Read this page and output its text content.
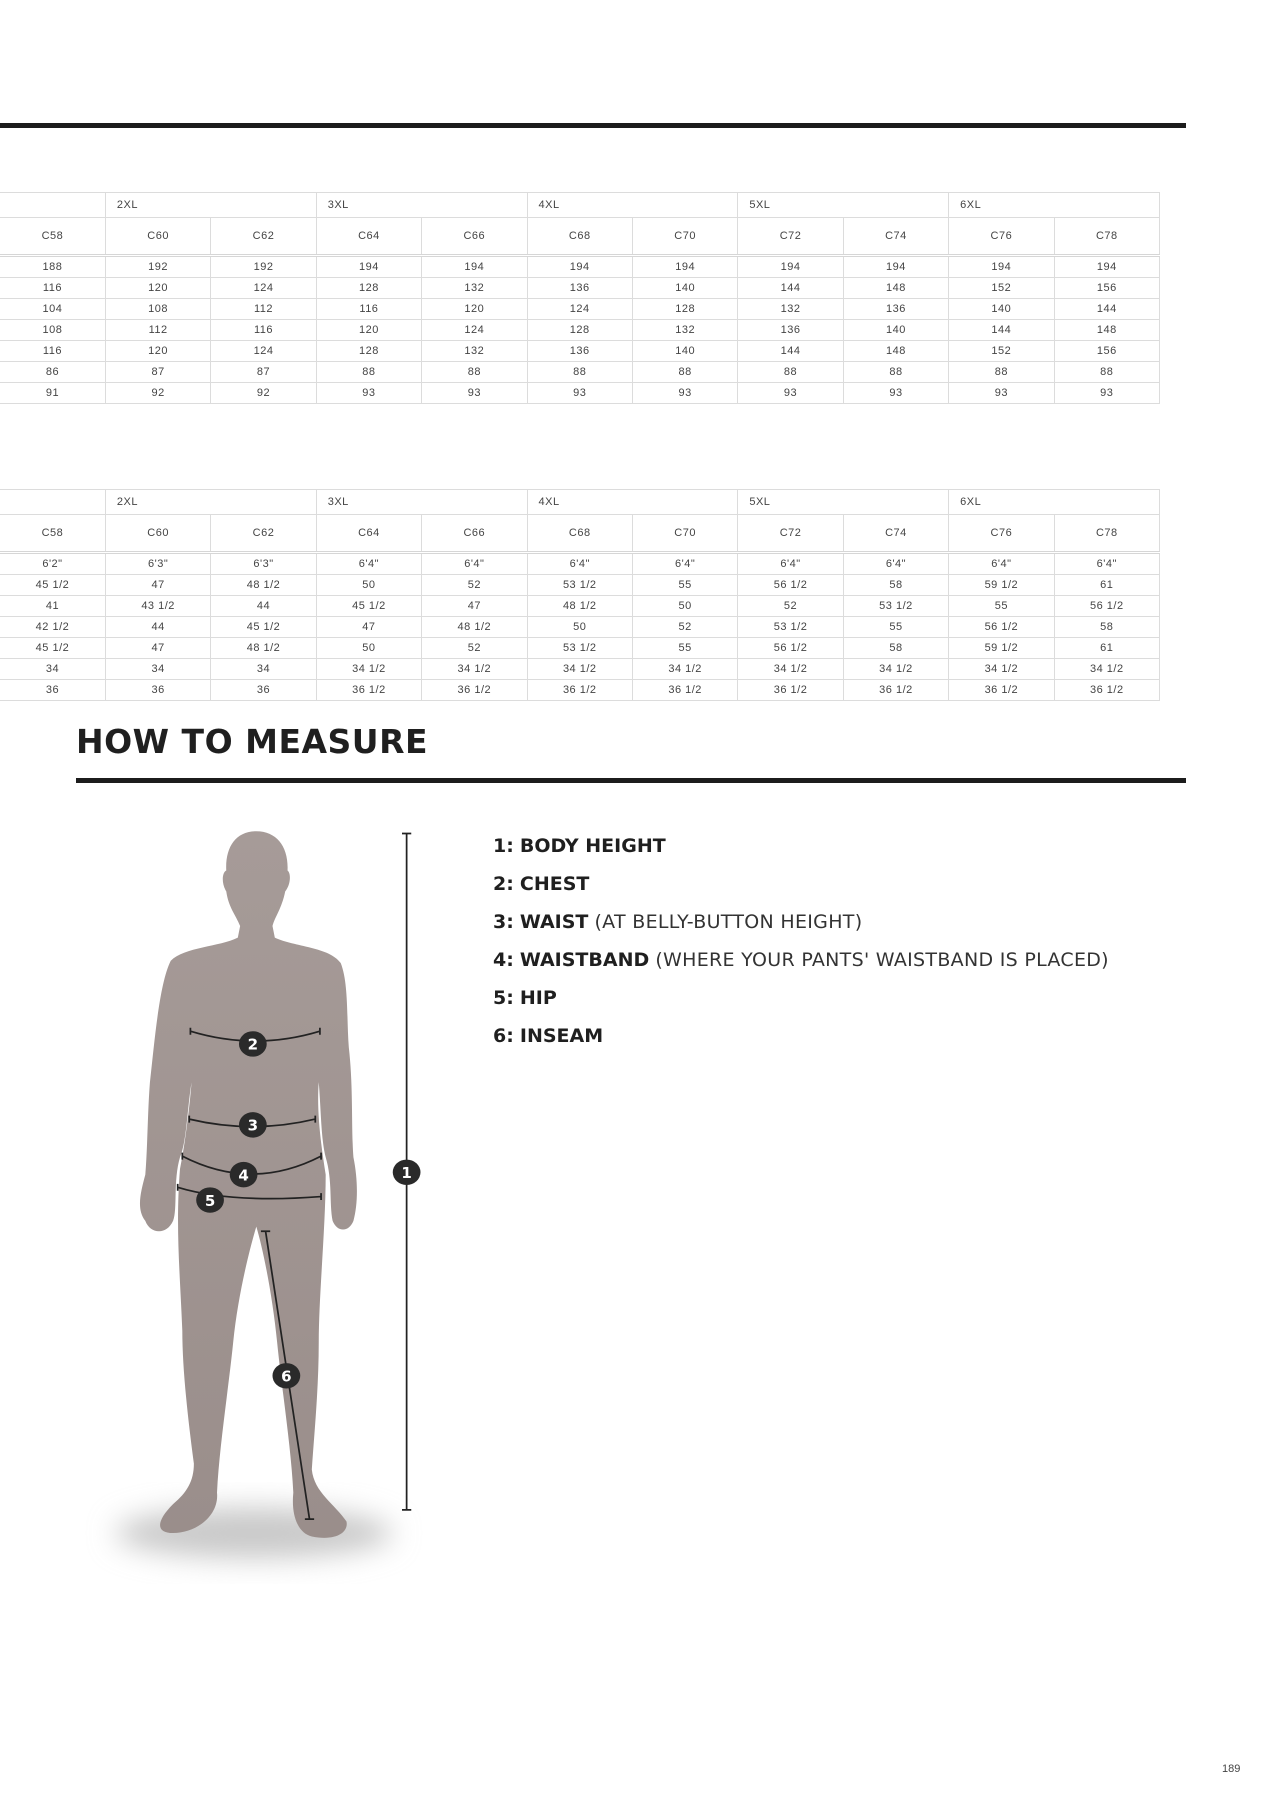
	2XL		3XL		4XL		5XL		6XL	
C58	C60	C62	C64	C66	C68	C70	C72	C74	C76	C78
188	192	192	194	194	194	194	194	194	194	194
116	120	124	128	132	136	140	144	148	152	156
104	108	112	116	120	124	128	132	136	140	144
108	112	116	120	124	128	132	136	140	144	148
116	120	124	128	132	136	140	144	148	152	156
86	87	87	88	88	88	88	88	88	88	88
91	92	92	93	93	93	93	93	93	93	93
	2XL		3XL		4XL		5XL		6XL	
C58	C60	C62	C64	C66	C68	C70	C72	C74	C76	C78
6'2"	6'3"	6'3"	6'4"	6'4"	6'4"	6'4"	6'4"	6'4"	6'4"	6'4"
45 1/2	47	48 1/2	50	52	53 1/2	55	56 1/2	58	59 1/2	61
41	43 1/2	44	45 1/2	47	48 1/2	50	52	53 1/2	55	56 1/2
42 1/2	44	45 1/2	47	48 1/2	50	52	53 1/2	55	56 1/2	58
45 1/2	47	48 1/2	50	52	53 1/2	55	56 1/2	58	59 1/2	61
34	34	34	34 1/2	34 1/2	34 1/2	34 1/2	34 1/2	34 1/2	34 1/2	34 1/2
36	36	36	36 1/2	36 1/2	36 1/2	36 1/2	36 1/2	36 1/2	36 1/2	36 1/2
HOW TO MEASURE
1
2
3
4
5
6
1: BODY HEIGHT
2: CHEST
3: WAIST (AT BELLY-BUTTON HEIGHT)
4: WAISTBAND (WHERE YOUR PANTS' WAISTBAND IS PLACED)
5: HIP
6: INSEAM
189
